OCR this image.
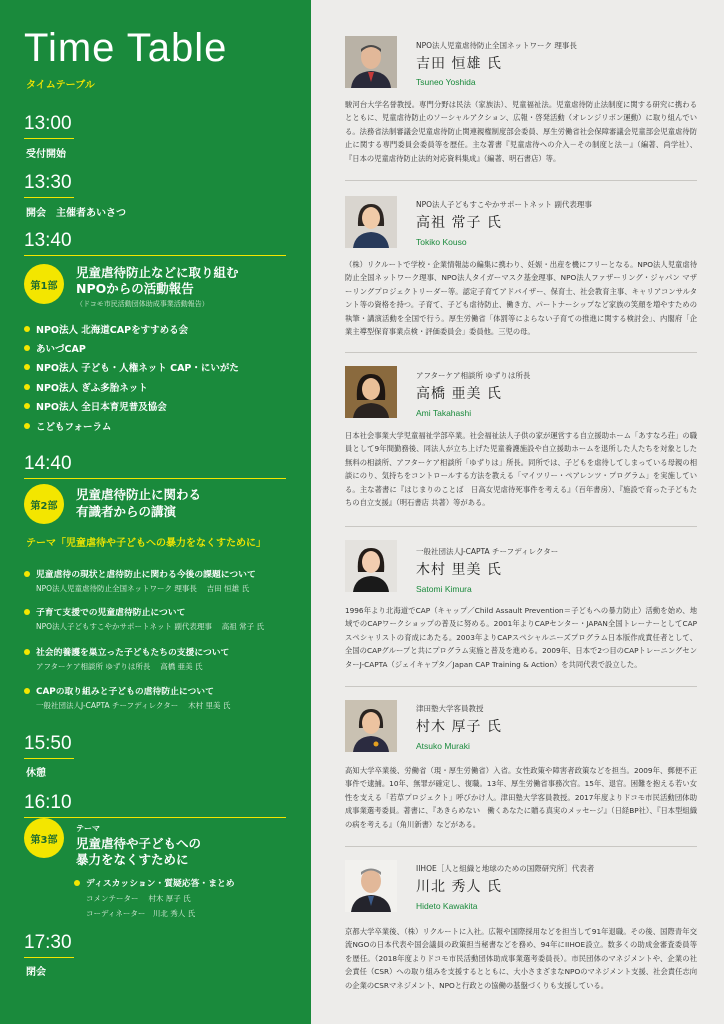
Time Table
タイムテーブル
13:00
受付開始
13:30
開会　主催者あいさつ
13:40
第1部
児童虐待防止などに取り組む
NPOからの活動報告
（ドコモ市民活動団体助成事業活動報告）
NPO法人 北海道CAPをすすめる会
あいづCAP
NPO法人 子ども・人権ネット CAP・にいがた
NPO法人 ぎふ多胎ネット
NPO法人 全日本育児普及協会
こどもフォーラム
14:40
第2部
児童虐待防止に関わる
有識者からの講演
テーマ「児童虐待や子どもへの暴力をなくすために」
児童虐待の現状と虐待防止に関わる今後の課題について
NPO法人児童虐待防止全国ネットワーク 理事長　 吉田 恒雄 氏
子育て支援での児童虐待防止について
NPO法人子どもすこやかサポートネット 副代表理事　 高祖 常子 氏
社会的養護を巣立った子どもたちの支援について
アフターケア相談所 ゆずりは所長　 高橋 亜美 氏
CAPの取り組みと子どもの虐待防止について
一般社団法人J-CAPTA チーフディレクター　 木村 里美 氏
15:50
休憩
16:10
第3部
テーマ
児童虐待や子どもへの
暴力をなくすために
ディスカッション・質疑応答・まとめ
コメンテーター　 村木 厚子 氏
コーディネーター　川北 秀人 氏
17:30
閉会
NPO法人児童虐待防止全国ネットワーク 理事長
吉田 恒雄 氏
Tsuneo Yoshida
駿河台大学名誉教授。専門分野は民法（家族法）、児童福祉法。児童虐待防止法制度に関する研究に携わるとともに、児童虐待防止のソーシャルアクション、広報・啓発活動（オレンジリボン運動）に取り組んでいる。法務省法制審議会児童虐待防止関連親権制度部会委員、厚生労働省社会保障審議会児童部会児童虐待防止に関する専門委員会委員等を歴任。主な著書『児童虐待への介入－その制度と法－』（編著、尚学社）、『日本の児童虐待防止法的対応資料集成』（編著、明石書店）等。
NPO法人子どもすこやかサポートネット 副代表理事
高祖 常子 氏
Tokiko Kouso
（株）リクルートで学校・企業情報誌の編集に携わり、妊娠・出産を機にフリーとなる。NPO法人児童虐待防止全国ネットワーク理事、NPO法人タイガーマスク基金理事、NPO法人ファザーリング・ジャパン マザーリングプロジェクトリーダー等。認定子育てアドバイザー、保育士、社会教育主事、キャリアコンサルタント等の資格を持つ。子育て、子ども虐待防止、働き方、パートナーシップなど家族の笑顔を増やすための執筆・講演活動を全国で行う。厚生労働省「体罰等によらない子育ての推進に関する検討会」、内閣府「企業主導型保育事業点検・評価委員会」委員他。三児の母。
アフターケア相談所 ゆずりは所長
高橋 亜美 氏
Ami Takahashi
日本社会事業大学児童福祉学部卒業。社会福祉法人子供の家が運営する自立援助ホーム「あすなろ荘」の職員として9年間勤務後、同法人が立ち上げた児童養護施設や自立援助ホームを退所した人たちを対象とした無料の相談所、アフターケア相談所「ゆずりは」所長。同所では、子どもを虐待してしまっている母親の相談にのり、気持ちをコントロールする方法を教える「マイツリー・ペアレンツ・プログラム」を実施している。主な著書に『はじまりのことば　日高女児虐待死事件を考える』（百年書房）、『施設で育った子どもたちの自立支援』（明石書店 共著）等がある。
一般社団法人J-CAPTA チーフディレクター
木村 里美 氏
Satomi Kimura
1996年より北海道でCAP（キャップ／Child Assault Prevention＝子どもへの暴力防止）活動を始め、地域でのCAPワークショップの普及に努める。2001年よりCAPセンター・JAPAN全国トレーナーとしてCAPスペシャリストの育成にあたる。2003年よりCAPスペシャルニーズプログラム日本版作成責任者として、全国のCAPグループと共にプログラム実施と普及を進める。2009年、日本で2つ目のCAPトレーニングセンターJ-CAPTA（ジェイキャプタ／Japan CAP Training & Action）を共同代表で設立した。
津田塾大学客員教授
村木 厚子 氏
Atsuko Muraki
高知大学卒業後、労働省（現・厚生労働省）入省。女性政策や障害者政策などを担当。2009年、郵便不正事件で逮捕。10年、無罪が確定し、復職。13年、厚生労働省事務次官。15年、退官。困難を抱える若い女性を支える「若草プロジェクト」呼びかけ人。津田塾大学客員教授。2017年度よりドコモ市民活動団体助成事業選考委員。著書に、『あきらめない　働くあなたに贈る真実のメッセージ』（日経BP社）、『日本型組織の病を考える』（角川新書）などがある。
IIHOE［人と組織と地球のための国際研究所］代表者
川北 秀人 氏
Hideto Kawakita
京都大学卒業後、（株）リクルートに入社。広報や国際採用などを担当して91年退職。その後、国際青年交流NGOの日本代表や国会議員の政策担当秘書などを務め、94年にIIHOE設立。数多くの助成金審査委員等を歴任。（2018年度よりドコモ市民活動団体助成事業選考委員長）。市民団体のマネジメントや、企業の社会責任（CSR）への取り組みを支援するとともに、大小さまざまなNPOのマネジメント支援、社会責任志向の企業のCSRマネジメント、NPOと行政との協働の基盤づくりも支援している。
